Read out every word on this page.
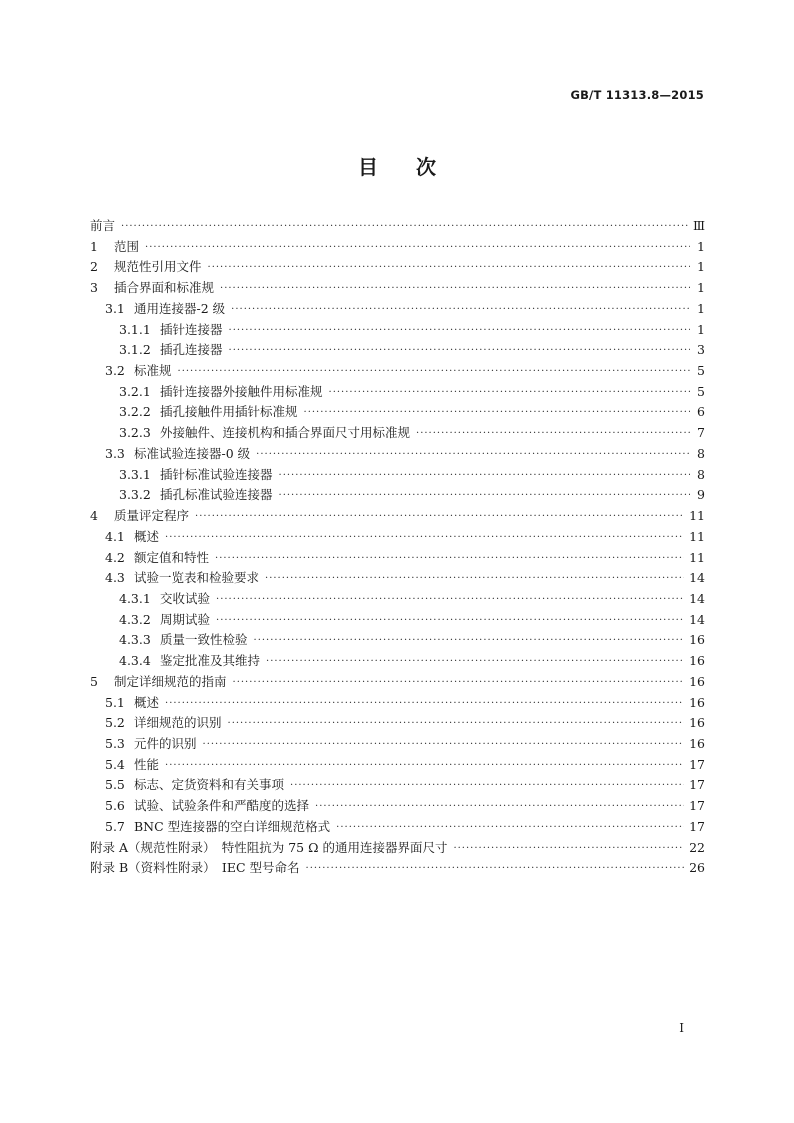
GB/T 11313.8—2015
目 次
前言 ·····	Ⅲ
1	范围 ·····	1
2	规范性引用文件 ·····	1
3	插合界面和标准规 ·····	1
3.1 通用连接器-2 级 ·····	1
3.1.1 插针连接器 ·····	1
3.1.2 插孔连接器 ·····	3
3.2 标准规 ·····	5
3.2.1 插针连接器外接触件用标准规 ·····	5
3.2.2 插孔接触件用插针标准规 ·····	6
3.2.3 外接触件、连接机构和插合界面尺寸用标准规 ·····	7
3.3 标准试验连接器-0 级 ·····	8
3.3.1 插针标准试验连接器 ·····	8
3.3.2 插孔标准试验连接器 ·····	9
4	质量评定程序 ·····	11
4.1 概述 ·····	11
4.2 额定值和特性 ·····	11
4.3 试验一览表和检验要求 ·····	14
4.3.1 交收试验 ·····	14
4.3.2 周期试验 ·····	14
4.3.3 质量一致性检验 ·····	16
4.3.4 鉴定批准及其维持 ·····	16
5	制定详细规范的指南 ·····	16
5.1 概述 ·····	16
5.2 详细规范的识别 ·····	16
5.3 元件的识别 ·····	16
5.4 性能 ·····	17
5.5 标志、定货资料和有关事项 ·····	17
5.6 试验、试验条件和严酷度的选择 ·····	17
5.7 BNC 型连接器的空白详细规范格式 ·····	17
附录 A（规范性附录）　特性阻抗为 75 Ω 的通用连接器界面尺寸 ·····	22
附录 B（资料性附录）　IEC 型号命名 ·····	26
I
